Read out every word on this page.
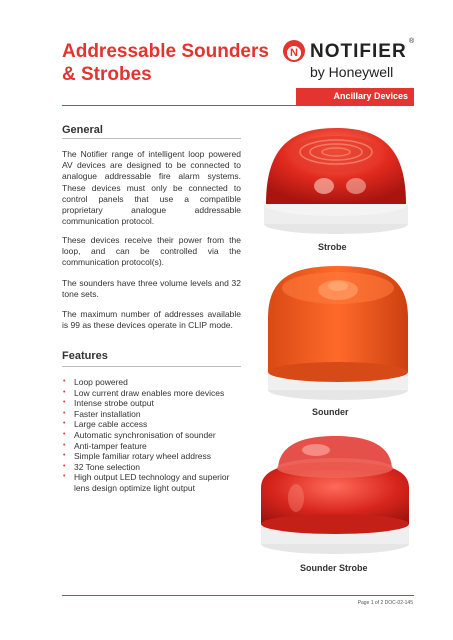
Addressable Sounders
& Strobes
N NOTIFIER ®
by Honeywell
Ancillary Devices
General

The Notifier range of intelligent loop powered AV devices are designed to be connected to analogue addressable fire alarm systems. These devices must only be connected to control panels that use a compatible proprietary analogue addressable communication protocol.

These devices receive their power from the loop, and can be controlled via the communication protocol(s).

The sounders have three volume levels and 32 tone sets.

The maximum number of addresses available is 99 as these devices operate in CLIP mode.

Features
• Loop powered
• Low current draw enables more devices
• Intense strobe output
• Faster installation
• Large cable access
• Automatic synchronisation of sounder
• Anti-tamper feature
• Simple familiar rotary wheel address
• 32 Tone selection
• High output LED technology and superior lens design optimize light output
Strobe
Sounder
Sounder Strobe
Page 1 of 2 DOC-02-145
